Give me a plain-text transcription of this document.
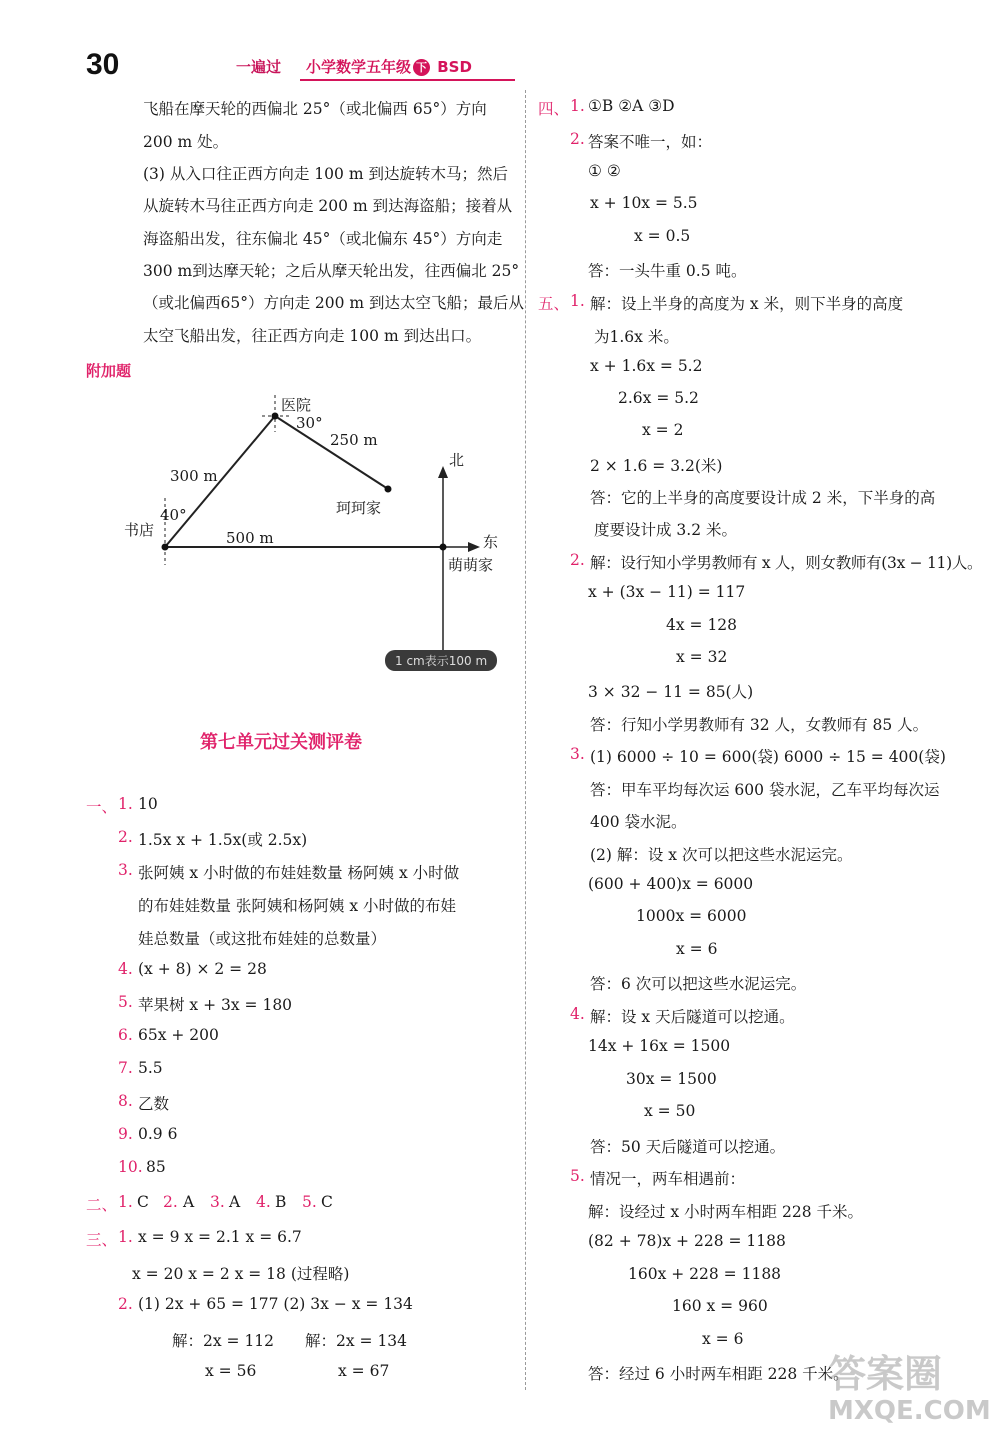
30	一遍过 小学数学五年级 下 BSD
飞船在摩天轮的西偏北 25°（或北偏西 65°）方向
200 m 处。
(3) 从入口往正西方向走 100 m 到达旋转木马；然后
从旋转木马往正西方向走 200 m 到达海盗船；接着从
海盗船出发，往东偏北 45°（或北偏东 45°）方向走
300 m到达摩天轮；之后从摩天轮出发，往西偏北 25°
（或北偏西65°）方向走 200 m 到达太空飞船；最后从
太空飞船出发，往正西方向走 100 m 到达出口。
附加题
医院
30°
250 m
300 m
珂珂家
40°
书店	500 m
北
东
萌萌家
1 cm表示100 m
第七单元过关测评卷
一、 1. 10
2. 1.5x x + 1.5x(或 2.5x)
3. 张阿姨 x 小时做的布娃娃数量 杨阿姨 x 小时做
的布娃娃数量 张阿姨和杨阿姨 x 小时做的布娃
娃总数量（或这批布娃娃的总数量）
4. (x + 8) × 2 = 28
5. 苹果树 x + 3x = 180
6. 65x + 200
7. 5.5
8. 乙数
9. 0.9 6
10. 85
二、 1. C 2. A 3. A 4. B 5. C
三、 1. x = 9 x = 2.1 x = 6.7
x = 20 x = 2 x = 18 (过程略)
2. (1) 2x + 65 = 177 (2) 3x − x = 134
解：2x = 112 解：2x = 134
x = 56	x = 67
四、 1. ①B ②A ③D
2. 答案不唯一，如：
① ②
x + 10x = 5.5
x = 0.5
答：一头牛重 0.5 吨。
五、 1. 解：设上半身的高度为 x 米，则下半身的高度
为1.6x 米。
x + 1.6x = 5.2
2.6x = 5.2
x = 2
2 × 1.6 = 3.2(米)
答：它的上半身的高度要设计成 2 米，下半身的高
度要设计成 3.2 米。
2. 解：设行知小学男教师有 x 人，则女教师有(3x − 11)人。
x + (3x − 11) = 117
4x = 128
x = 32
3 × 32 − 11 = 85(人)
答：行知小学男教师有 32 人，女教师有 85 人。
3. (1) 6000 ÷ 10 = 600(袋) 6000 ÷ 15 = 400(袋)
答：甲车平均每次运 600 袋水泥，乙车平均每次运
400 袋水泥。
(2) 解：设 x 次可以把这些水泥运完。
(600 + 400)x = 6000
1000x = 6000
x = 6
答：6 次可以把这些水泥运完。
4. 解：设 x 天后隧道可以挖通。
14x + 16x = 1500
30x = 1500
x = 50
答：50 天后隧道可以挖通。
5. 情况一，两车相遇前：
解：设经过 x 小时两车相距 228 千米。
(82 + 78)x + 228 = 1188
160x + 228 = 1188
160 x = 960
x = 6
答：经过 6 小时两车相距 228 千米。
答案圈
MXQE.COM
